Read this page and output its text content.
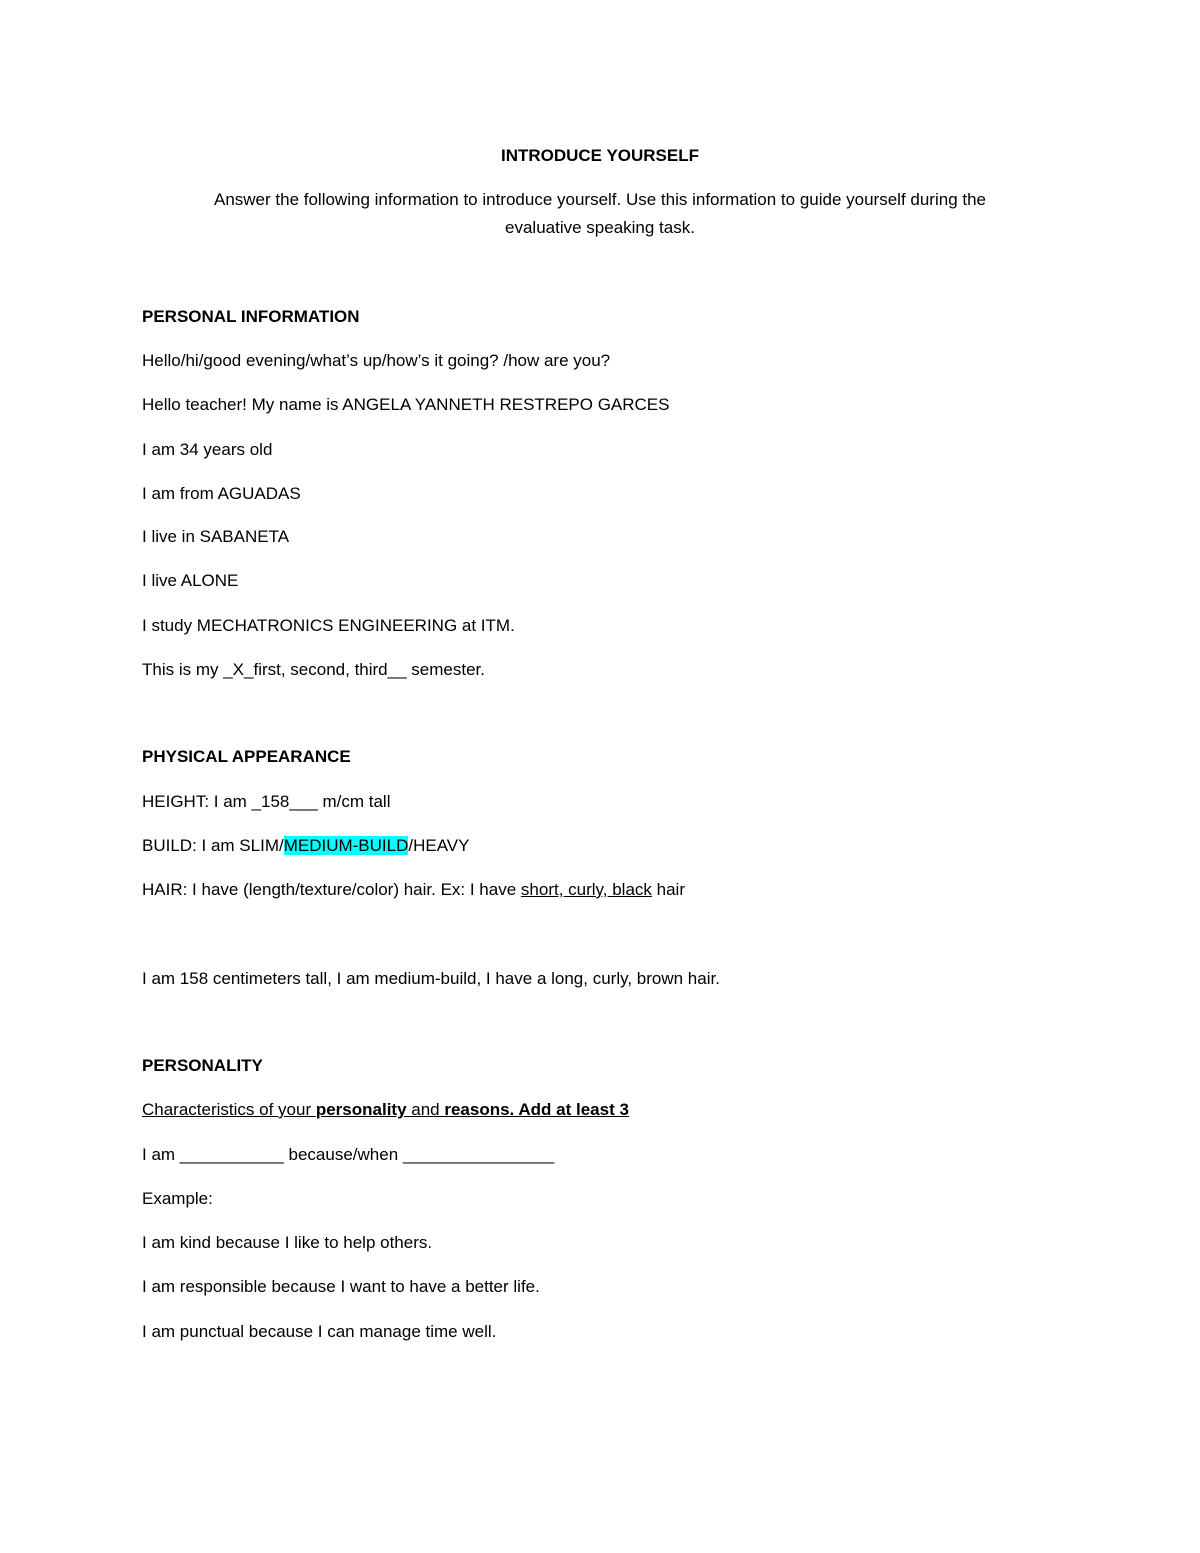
INTRODUCE YOURSELF
Answer the following information to introduce yourself. Use this information to guide yourself during the
evaluative speaking task.
PERSONAL INFORMATION
Hello/hi/good evening/what’s up/how’s it going? /how are you?
Hello teacher! My name is ANGELA YANNETH RESTREPO GARCES
I am 34 years old
I am from AGUADAS
I live in SABANETA
I live ALONE
I study MECHATRONICS ENGINEERING at ITM.
This is my _X_first, second, third__ semester.
PHYSICAL APPEARANCE
HEIGHT: I am _158___ m/cm tall
BUILD: I am SLIM/MEDIUM-BUILD/HEAVY
HAIR: I have (length/texture/color) hair. Ex: I have short, curly, black hair
I am 158 centimeters tall, I am medium-build, I have a long, curly, brown hair.
PERSONALITY
Characteristics of your personality and reasons. Add at least 3
I am ___________ because/when ________________
Example:
I am kind because I like to help others.
I am responsible because I want to have a better life.
I am punctual because I can manage time well.
